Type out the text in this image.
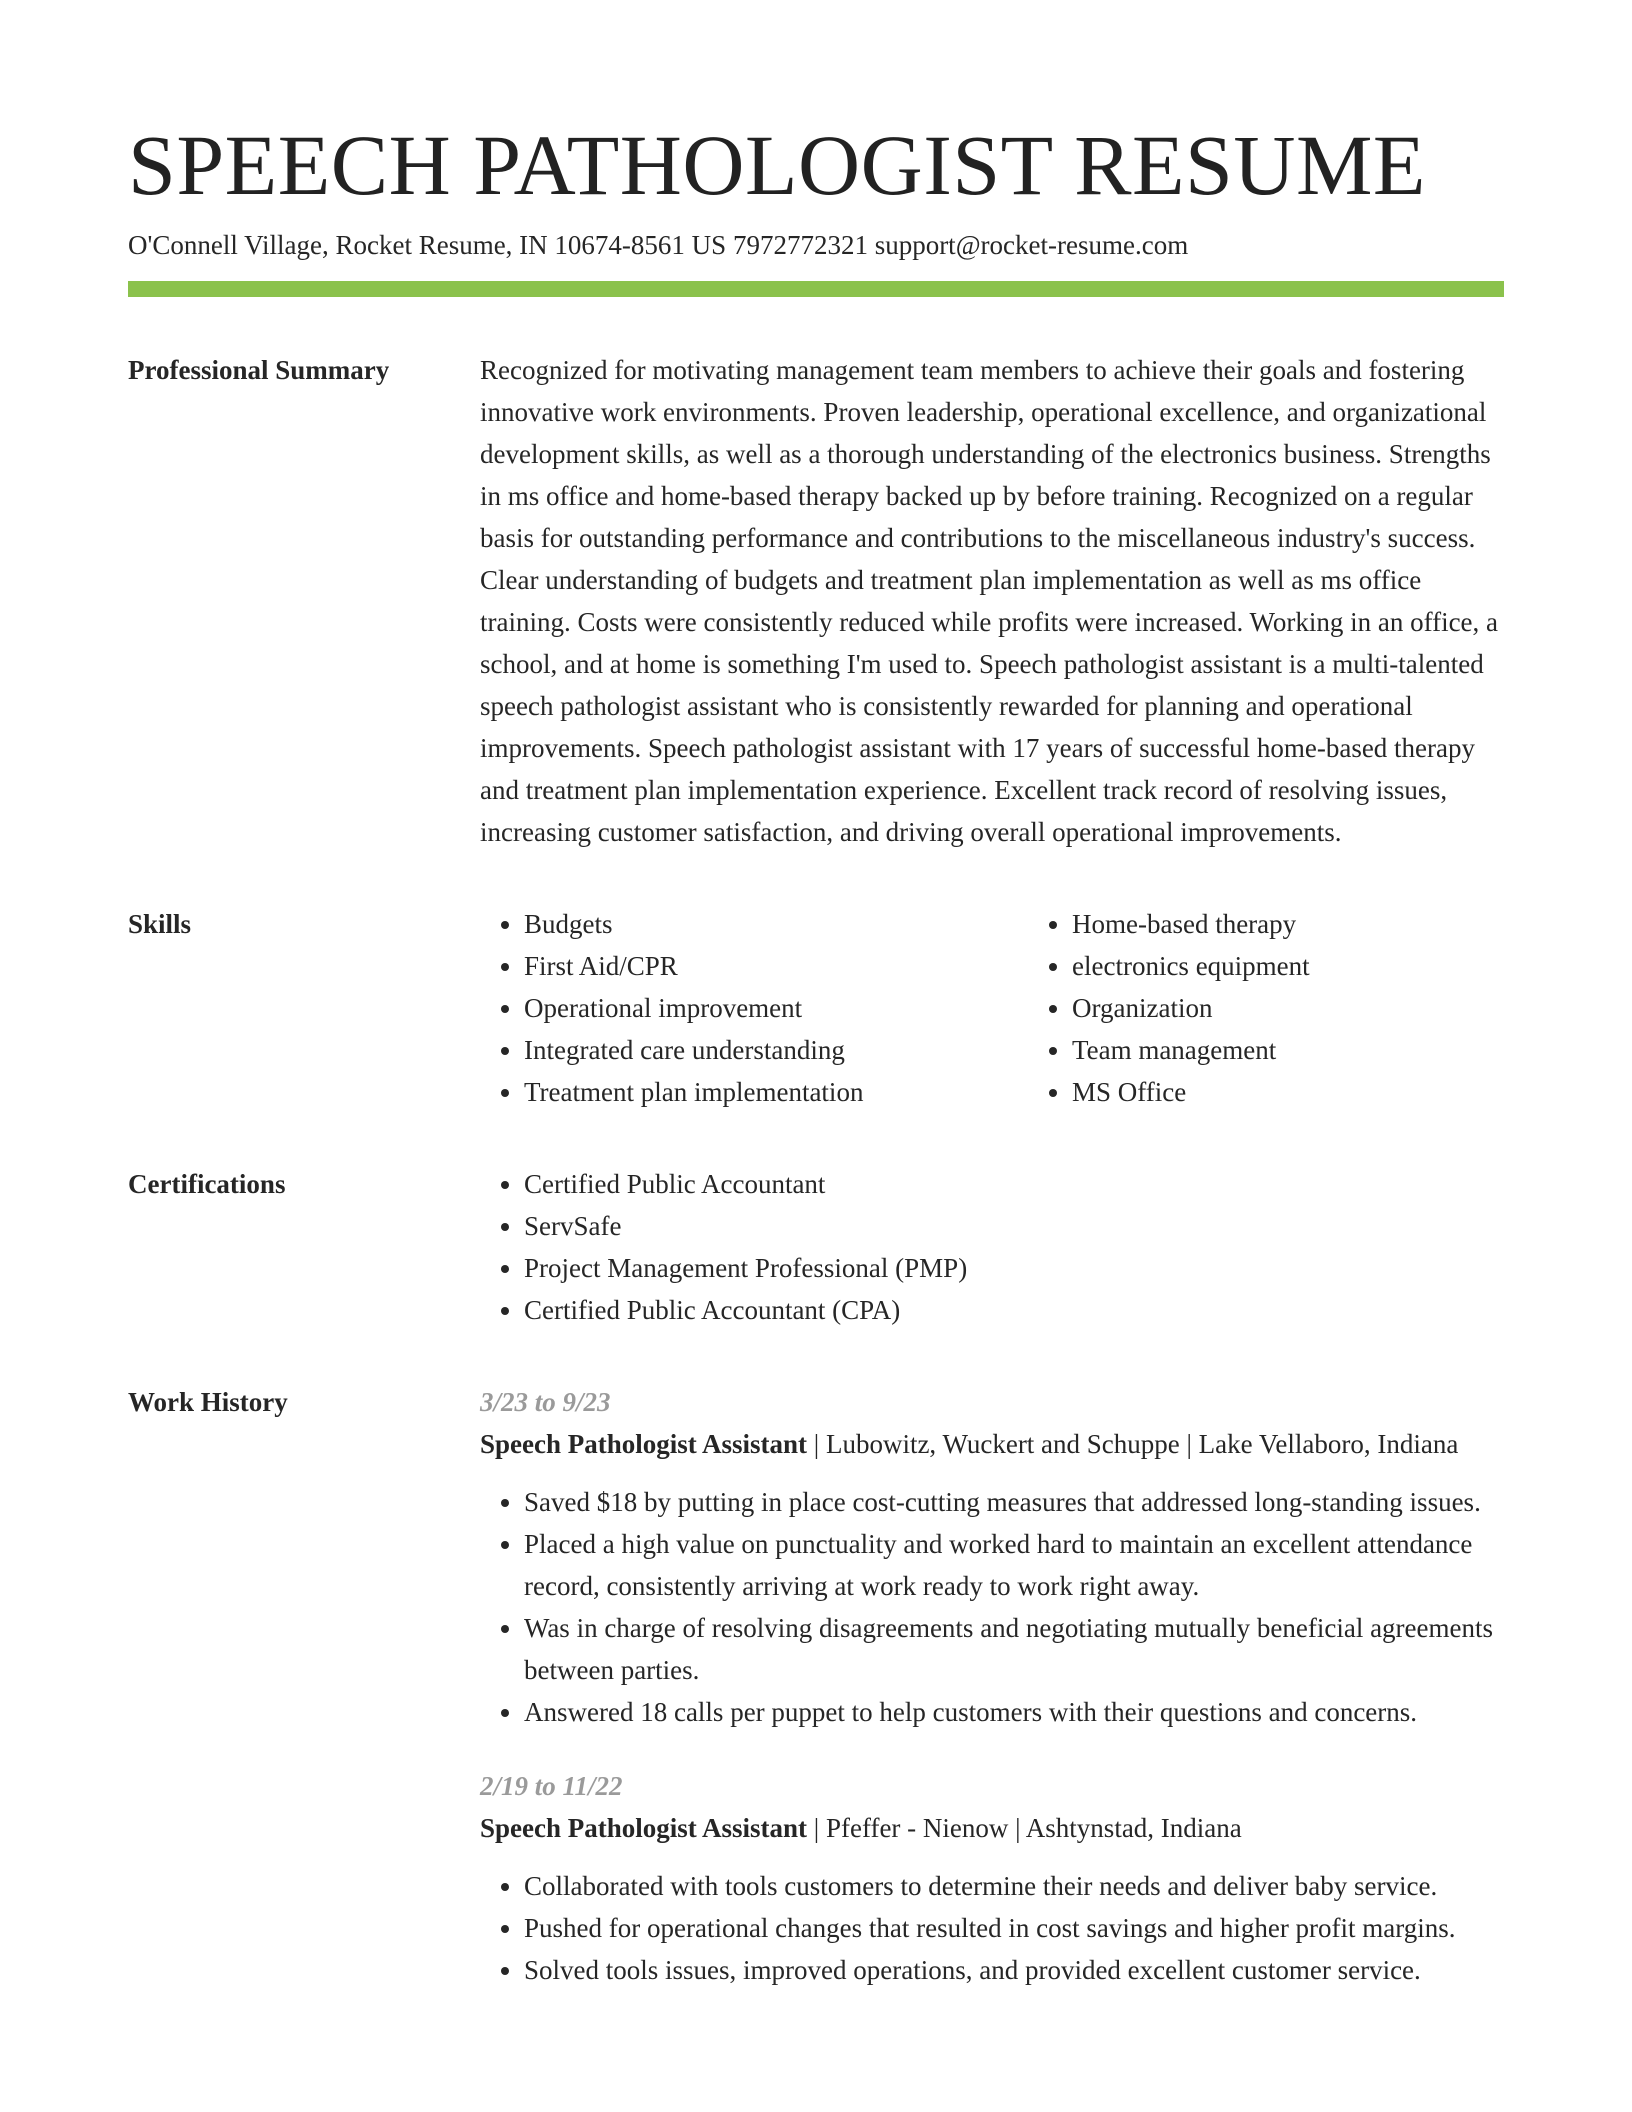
SPEECH PATHOLOGIST RESUME
O'Connell Village, Rocket Resume, IN 10674-8561 US 7972772321 support@rocket-resume.com
Professional Summary	Recognized for motivating management team members to achieve their goals and fostering innovative work environments. Proven leadership, operational excellence, and organizational development skills, as well as a thorough understanding of the electronics business. Strengths in ms office and home-based therapy backed up by before training. Recognized on a regular basis for outstanding performance and contributions to the miscellaneous industry's success. Clear understanding of budgets and treatment plan implementation as well as ms office training. Costs were consistently reduced while profits were increased. Working in an office, a school, and at home is something I'm used to. Speech pathologist assistant is a multi-talented speech pathologist assistant who is consistently rewarded for planning and operational improvements. Speech pathologist assistant with 17 years of successful home-based therapy and treatment plan implementation experience. Excellent track record of resolving issues, increasing customer satisfaction, and driving overall operational improvements.

Skills	• Budgets
• First Aid/CPR
• Operational improvement
• Integrated care understanding
• Treatment plan implementation
• Home-based therapy
• electronics equipment
• Organization
• Team management
• MS Office
Certifications	• Certified Public Accountant
• ServSafe
• Project Management Professional (PMP)
• Certified Public Accountant (CPA)
Work History	3/23 to 9/23
Speech Pathologist Assistant | Lubowitz, Wuckert and Schuppe | Lake Vellaboro, Indiana
• Saved $18 by putting in place cost-cutting measures that addressed long-standing issues.
• Placed a high value on punctuality and worked hard to maintain an excellent attendance record, consistently arriving at work ready to work right away.
• Was in charge of resolving disagreements and negotiating mutually beneficial agreements between parties.
• Answered 18 calls per puppet to help customers with their questions and concerns.
2/19 to 11/22
Speech Pathologist Assistant | Pfeffer - Nienow | Ashtynstad, Indiana
• Collaborated with tools customers to determine their needs and deliver baby service.
• Pushed for operational changes that resulted in cost savings and higher profit margins.
• Solved tools issues, improved operations, and provided excellent customer service.
